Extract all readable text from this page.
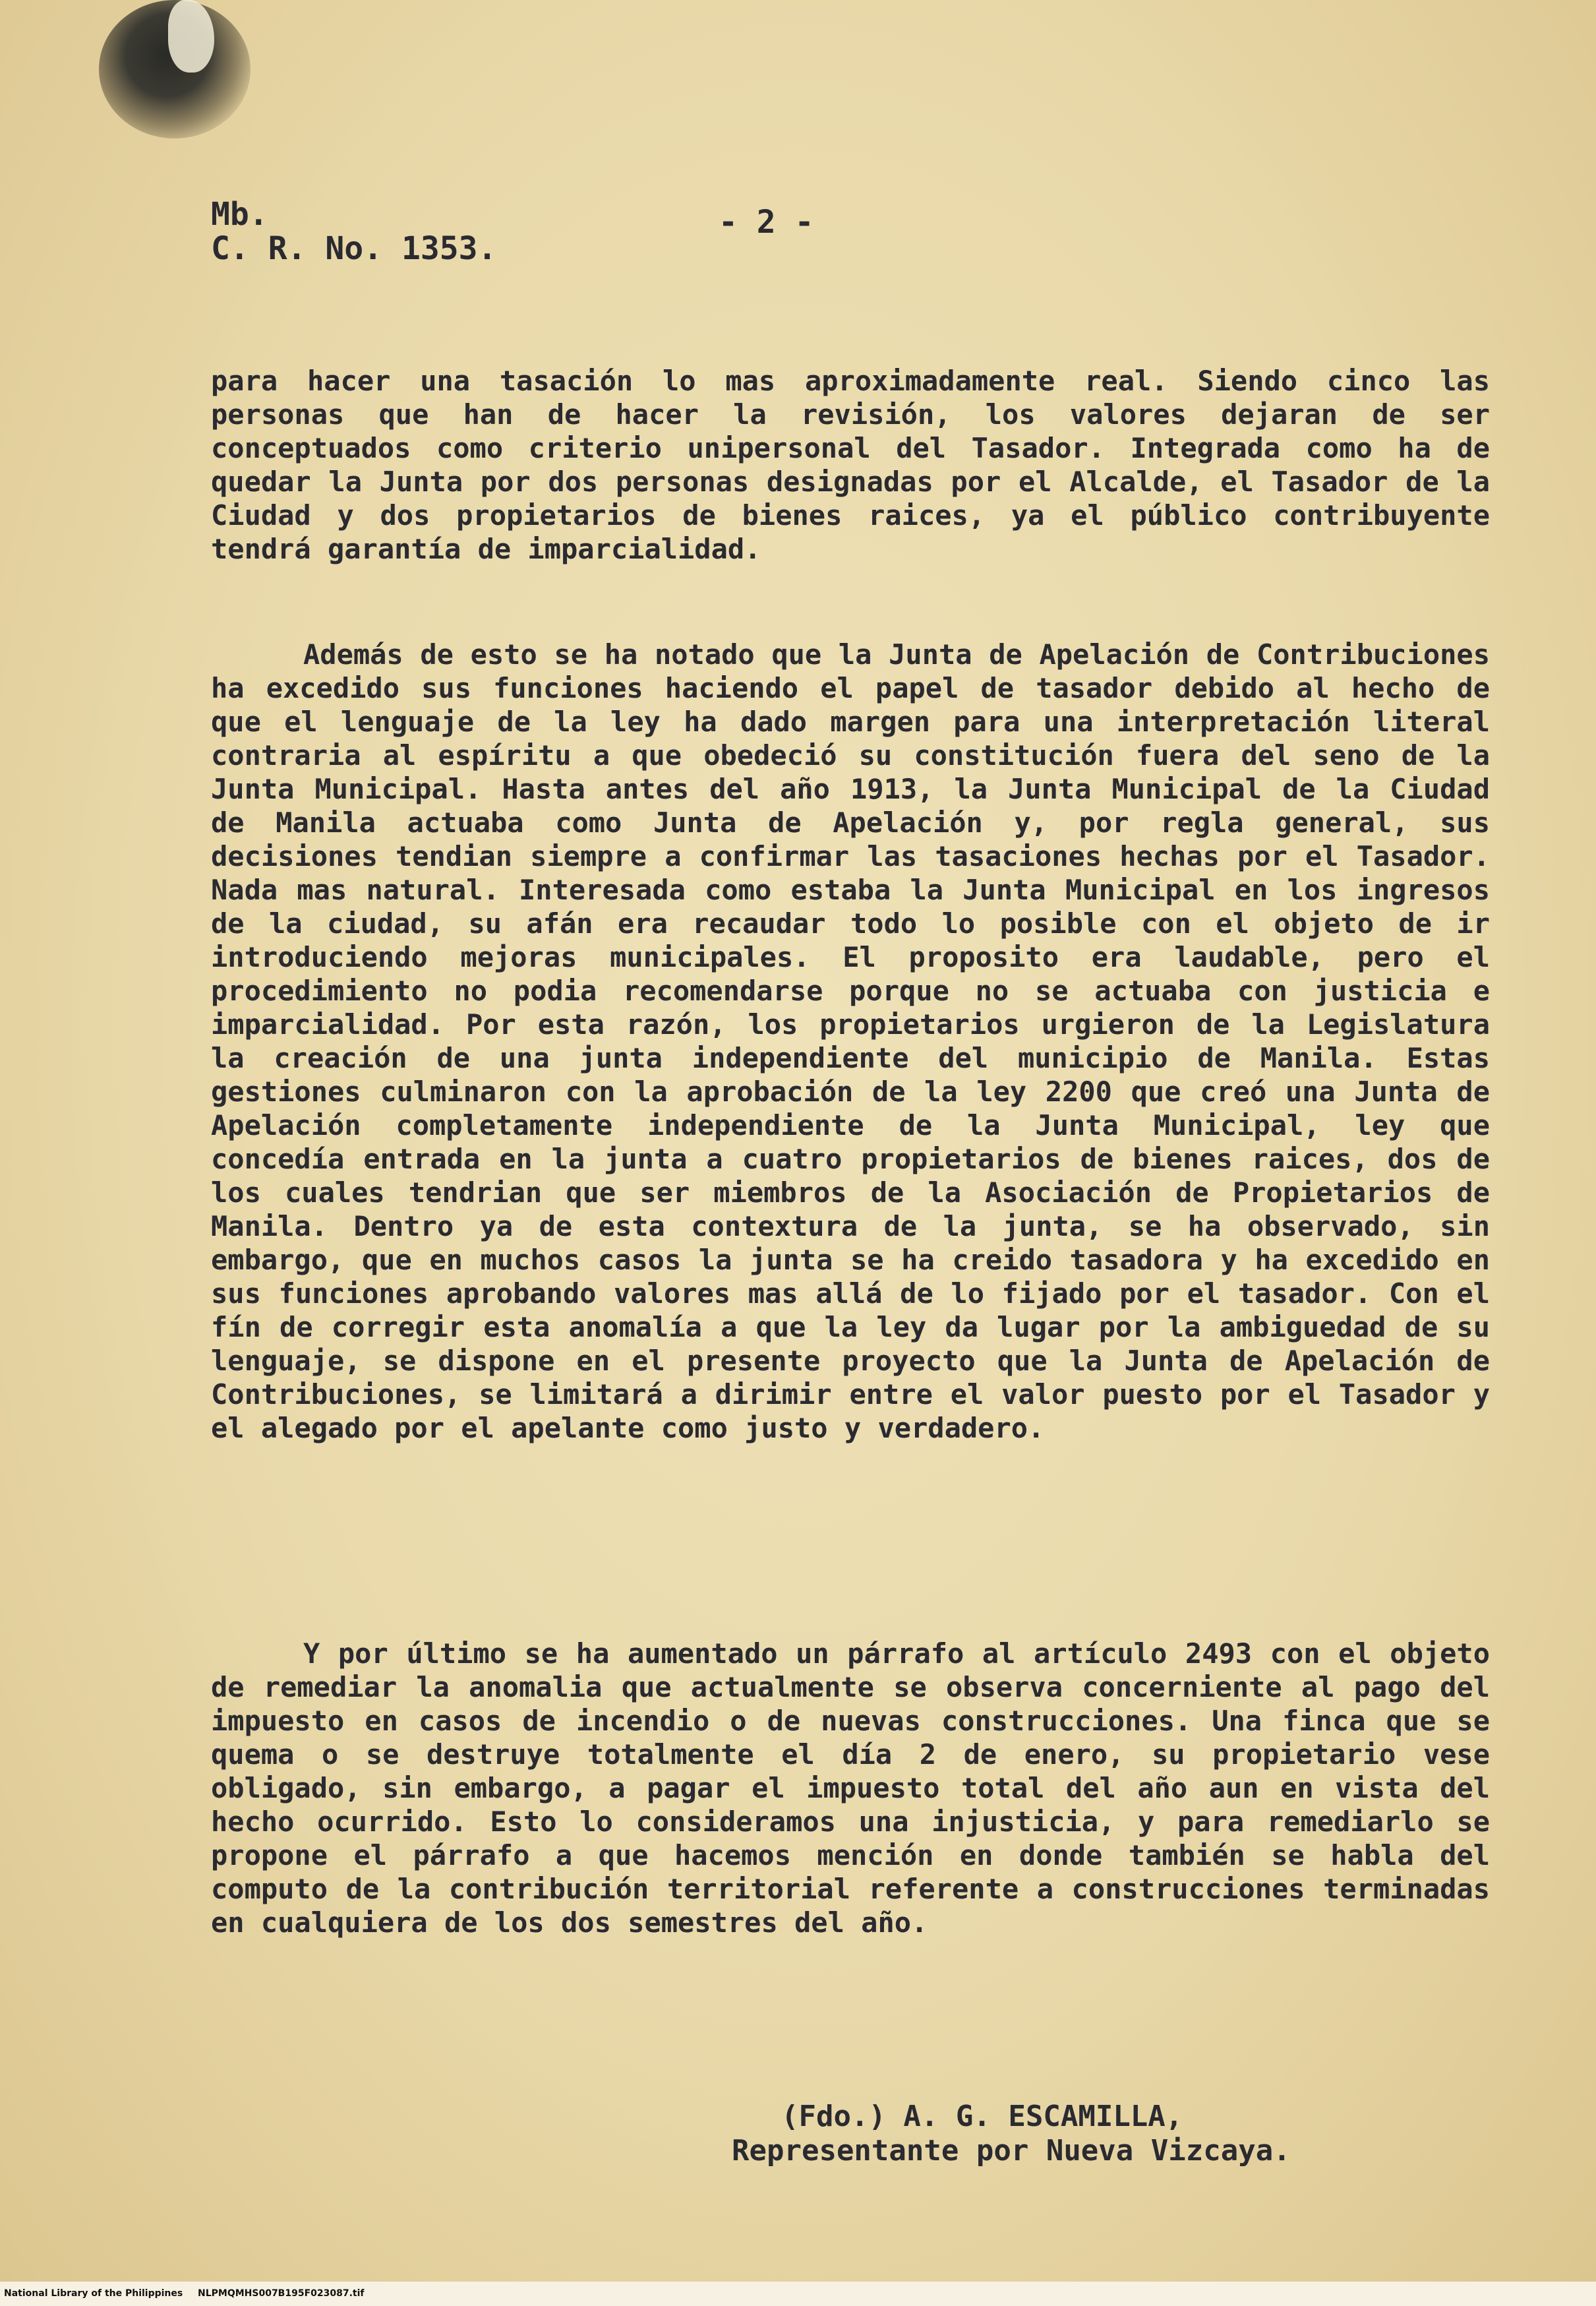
Mb.
C. R. No. 1353.
- 2 -

para hacer una tasación lo mas aproximadamente real. Siendo cinco las personas que han de hacer la revisión, los valores dejaran de ser conceptuados como criterio unipersonal del Tasador. Integrada como ha de quedar la Junta por dos personas designadas por el Alcalde, el Tasador de la Ciudad y dos propietarios de bienes raices, ya el público contribuyente tendrá garantía de imparcialidad.

Además de esto se ha notado que la Junta de Apelación de Contribuciones ha excedido sus funciones haciendo el papel de tasador debido al hecho de que el lenguaje de la ley ha dado margen para una interpretación literal contraria al espíritu a que obedeció su constitución fuera del seno de la Junta Municipal. Hasta antes del año 1913, la Junta Municipal de la Ciudad de Manila actuaba como Junta de Apelación y, por regla general, sus decisiones tendian siempre a confirmar las tasaciones hechas por el Tasador. Nada mas natural. Interesada como estaba la Junta Municipal en los ingresos de la ciudad, su afán era recaudar todo lo posible con el objeto de ir introduciendo mejoras municipales. El proposito era laudable, pero el procedimiento no podia recomendarse porque no se actuaba con justicia e imparcialidad. Por esta razón, los propietarios urgieron de la Legislatura la creación de una junta independiente del municipio de Manila. Estas gestiones culminaron con la aprobación de la ley 2200 que creó una Junta de Apelación completamente independiente de la Junta Municipal, ley que concedía entrada en la junta a cuatro propietarios de bienes raices, dos de los cuales tendrian que ser miembros de la Asociación de Propietarios de Manila. Dentro ya de esta contextura de la junta, se ha observado, sin embargo, que en muchos casos la junta se ha creido tasadora y ha excedido en sus funciones aprobando valores mas allá de lo fijado por el tasador. Con el fín de corregir esta anomalía a que la ley da lugar por la ambiguedad de su lenguaje, se dispone en el presente proyecto que la Junta de Apelación de Contribuciones, se limitará a dirimir entre el valor puesto por el Tasador y el alegado por el apelante como justo y verdadero.

Y por último se ha aumentado un párrafo al artículo 2493 con el objeto de remediar la anomalia que actualmente se observa concerniente al pago del impuesto en casos de incendio o de nuevas construcciones. Una finca que se quema o se destruye totalmente el día 2 de enero, su propietario vese obligado, sin embargo, a pagar el impuesto total del año aun en vista del hecho ocurrido. Esto lo consideramos una injusticia, y para remediarlo se propone el párrafo a que hacemos mención en donde también se habla del computo de la contribución territorial referente a construcciones terminadas en cualquiera de los dos semestres del año.

(Fdo.) A. G. ESCAMILLA,
Representante por Nueva Vizcaya.
National Library of the Philippines NLPMQMHS007B195F023087.tif
